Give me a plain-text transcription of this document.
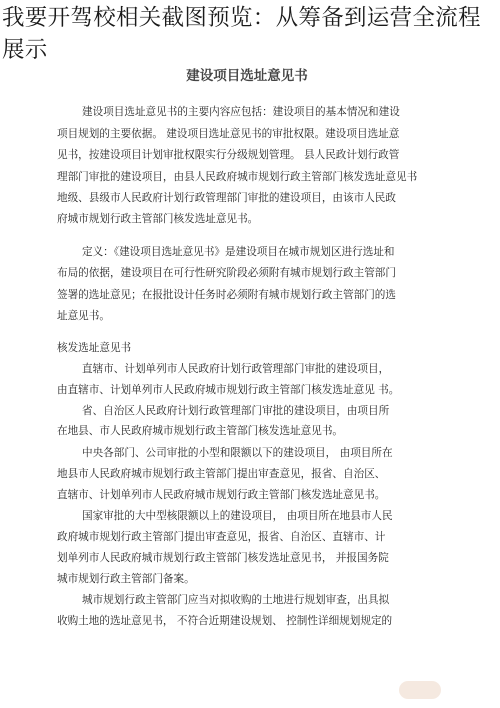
我要开驾校相关截图预览：从筹备到运营全流程展示
建设项目选址意见书
建设项目选址意见书的主要内容应包括：建设项目的基本情况和建设
项目规划的主要依据。 建设项目选址意见书的审批权限。建设项目选址意
见书，按建设项目计划审批权限实行分级规划管理。 县人民政计划行政管
理部门审批的建设项目，由县人民政府城市规划行政主管部门核发选址意见书
地级、县级市人民政府计划行政管理部门审批的建设项目，由该市人民政
府城市规划行政主管部门核发选址意见书。
定义：《建设项目选址意见书》是建设项目在城市规划区进行选址和
布局的依据，建设项目在可行性研究阶段必须附有城市规划行政主管部门
签署的选址意见；在报批设计任务时必须附有城市规划行政主管部门的选
址意见书。
核发选址意见书
直辖市、计划单列市人民政府计划行政管理部门审批的建设项目，
由直辖市、计划单列市人民政府城市规划行政主管部门核发选址意见 书。
省、自治区人民政府计划行政管理部门审批的建设项目，由项目所
在地县、市人民政府城市规划行政主管部门核发选址意见书。
中央各部门、公司审批的小型和限额以下的建设项目， 由项目所在
地县市人民政府城市规划行政主管部门提出审查意见，报省、自治区、
直辖市、计划单列市人民政府城市规划行政主管部门核发选址意见书。
国家审批的大中型核限额以上的建设项目， 由项目所在地县市人民
政府城市规划行政主管部门提出审查意见，报省、自治区、直辖市、计
划单列市人民政府城市规划行政主管部门核发选址意见书， 并报国务院
城市规划行政主管部门备案。
城市规划行政主管部门应当对拟收购的土地进行规划审查，出具拟
收购土地的选址意见书， 不符合近期建设规划、 控制性详细规划规定的
